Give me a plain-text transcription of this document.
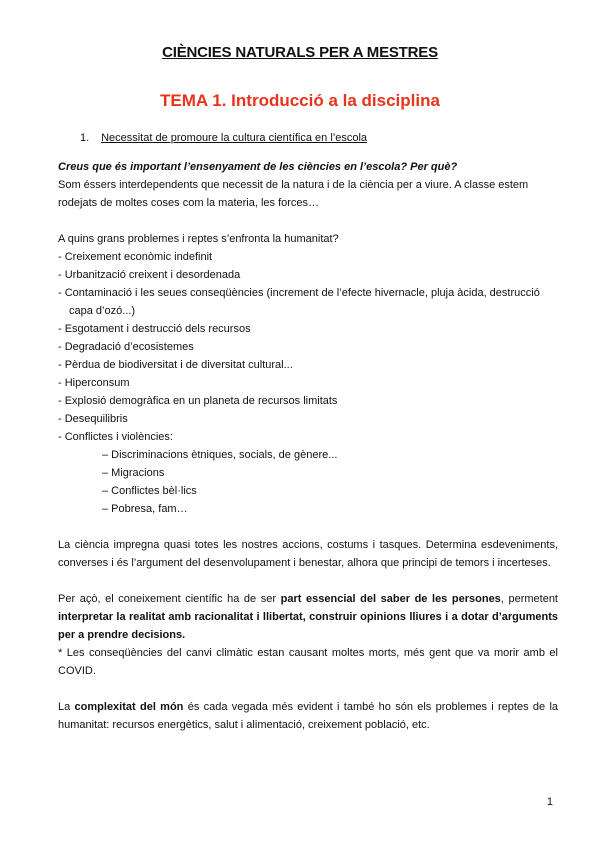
CIÈNCIES NATURALS PER A MESTRES
TEMA 1. Introducció a la disciplina
1. Necessitat de promoure la cultura científica en l’escola
Creus que és important l’ensenyament de les ciències en l’escola? Per què?
Som éssers interdependents que necessit de la natura i de la ciència per a viure. A classe estem rodejats de moltes coses com la materia, les forces…
A quins grans problemes i reptes s’enfronta la humanitat?
- Creixement econòmic indefinit
- Urbanització creixent i desordenada
- Contaminació i les seues conseqüències (increment de l’efecte hivernacle, pluja àcida, destrucció capa d’ozó...)
- Esgotament i destrucció dels recursos
- Degradació d’ecosistemes
- Pèrdua de biodiversitat i de diversitat cultural...
- Hiperconsum
- Explosió demogràfica en un planeta de recursos limitats
- Desequilibris
- Conflictes i violències:
– Discriminacions ètniques, socials, de gènere...
– Migracions
– Conflictes bèl·lics
– Pobresa, fam…
La ciència impregna quasi totes les nostres accions, costums i tasques. Determina esdeveniments, converses i és l’argument del desenvolupament i benestar, alhora que principi de temors i incerteses.
Per açò, el coneixement científic ha de ser part essencial del saber de les persones, permetent interpretar la realitat amb racionalitat i llibertat, construir opinions lliures i a dotar d’arguments per a prendre decisions.
* Les conseqüències del canvi climàtic estan causant moltes morts, més gent que va morir amb el COVID.
La complexitat del món és cada vegada més evident i també ho són els problemes i reptes de la humanitat: recursos energètics, salut i alimentació, creixement població, etc.
1
